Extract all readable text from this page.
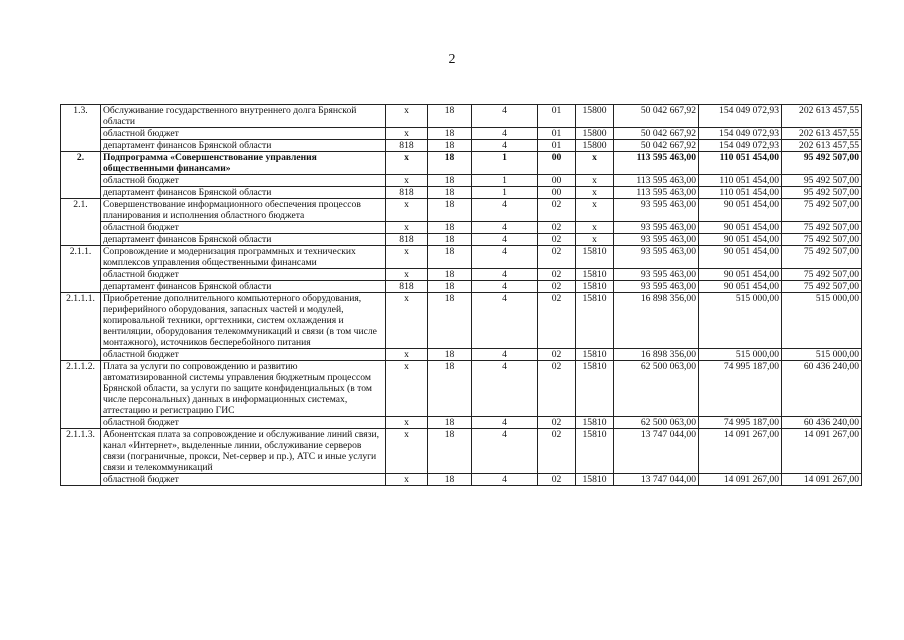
2
1.3.	Обслуживание государственного внутреннего долга Брянской области	x	18	4	01	15800	50 042 667,92	154 049 072,93	202 613 457,55
	областной бюджет	x	18	4	01	15800	50 042 667,92	154 049 072,93	202 613 457,55
	департамент финансов Брянской области	818	18	4	01	15800	50 042 667,92	154 049 072,93	202 613 457,55
2.	Подпрограмма «Совершенствование управления общественными финансами»	x	18	1	00	x	113 595 463,00	110 051 454,00	95 492 507,00
	областной бюджет	x	18	1	00	x	113 595 463,00	110 051 454,00	95 492 507,00
	департамент финансов Брянской области	818	18	1	00	x	113 595 463,00	110 051 454,00	95 492 507,00
2.1.	Совершенствование информационного обеспечения процессов планирования и исполнения областного бюджета	x	18	4	02	x	93 595 463,00	90 051 454,00	75 492 507,00
	областной бюджет	x	18	4	02	x	93 595 463,00	90 051 454,00	75 492 507,00
	департамент финансов Брянской области	818	18	4	02	x	93 595 463,00	90 051 454,00	75 492 507,00
2.1.1.	Сопровождение и модернизация программных и технических комплексов управления общественными финансами	x	18	4	02	15810	93 595 463,00	90 051 454,00	75 492 507,00
	областной бюджет	x	18	4	02	15810	93 595 463,00	90 051 454,00	75 492 507,00
	департамент финансов Брянской области	818	18	4	02	15810	93 595 463,00	90 051 454,00	75 492 507,00
2.1.1.1.	Приобретение дополнительного компьютерного оборудования, периферийного оборудования, запасных частей и модулей, копировальной техники, оргтехники, систем охлаждения и вентиляции, оборудования телекоммуникаций и связи (в том числе монтажного), источников бесперебойного питания	x	18	4	02	15810	16 898 356,00	515 000,00	515 000,00
	областной бюджет	x	18	4	02	15810	16 898 356,00	515 000,00	515 000,00
2.1.1.2.	Плата за услуги по сопровождению и развитию автоматизированной системы управления бюджетным процессом Брянской области, за услуги по защите конфиденциальных (в том числе персональных) данных в информационных системах, аттестацию и регистрацию ГИС	x	18	4	02	15810	62 500 063,00	74 995 187,00	60 436 240,00
	областной бюджет	x	18	4	02	15810	62 500 063,00	74 995 187,00	60 436 240,00
2.1.1.3.	Абонентская плата за сопровождение и обслуживание линий связи, канал «Интернет», выделенные линии, обслуживание серверов связи (пограничные, прокси, Net-сервер и пр.), АТС и иные услуги связи и телекоммуникаций	x	18	4	02	15810	13 747 044,00	14 091 267,00	14 091 267,00
	областной бюджет	x	18	4	02	15810	13 747 044,00	14 091 267,00	14 091 267,00
